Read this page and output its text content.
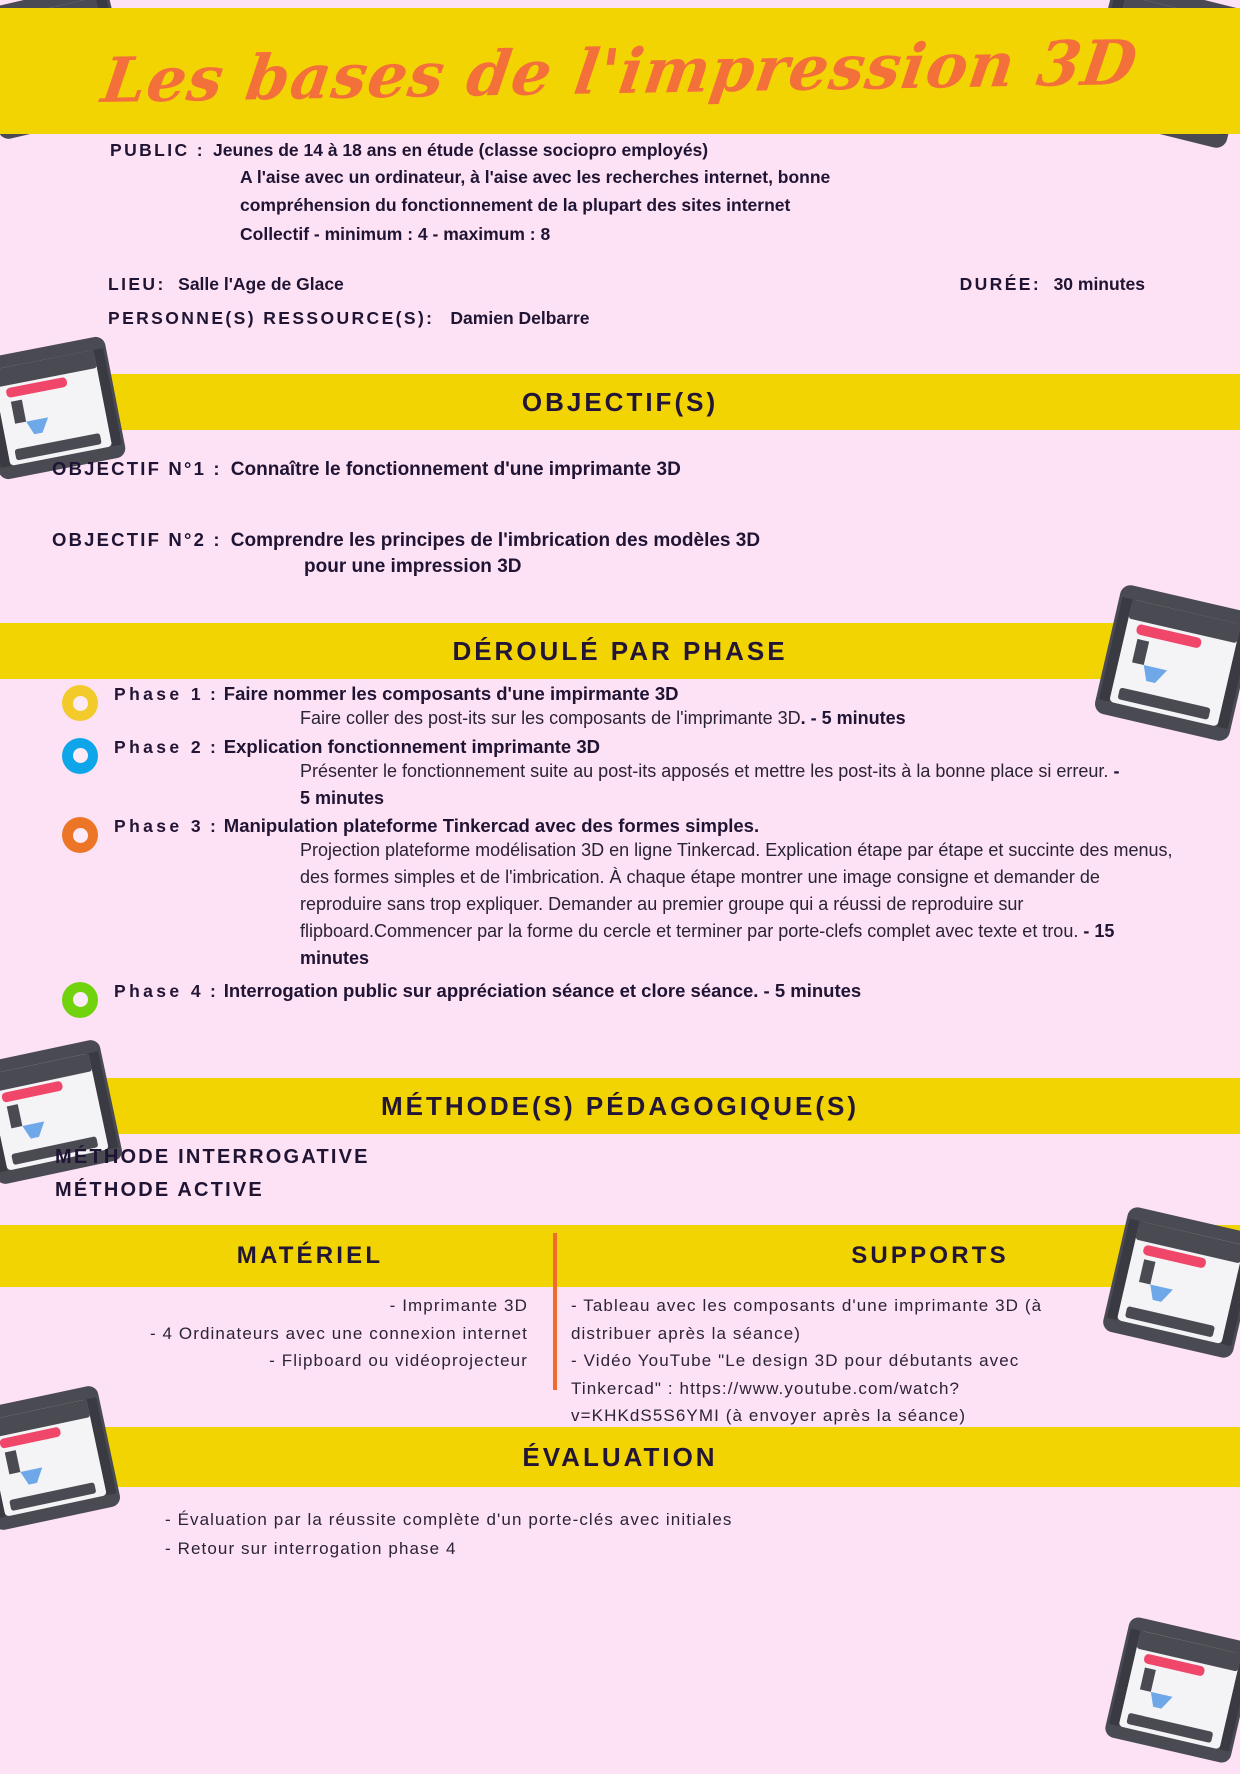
Les bases de l'impression 3D
PUBLIC : Jeunes de 14 à 18 ans en étude (classe sociopro employés)
A l'aise avec un ordinateur, à l'aise avec les recherches internet, bonne
compréhension du fonctionnement de la plupart des sites internet
Collectif - minimum : 4 - maximum : 8
LIEU: Salle l'Age de Glace	DURÉE: 30 minutes
PERSONNE(S) RESSOURCE(S): Damien Delbarre
OBJECTIF(S)
OBJECTIF N°1 : Connaître le fonctionnement d'une imprimante 3D
OBJECTIF N°2 : Comprendre les principes de l'imbrication des modèles 3D
pour une impression 3D
DÉROULÉ PAR PHASE
Phase 1 : Faire nommer les composants d'une impirmante 3D
Faire coller des post-its sur les composants de l'imprimante 3D. - 5 minutes
Phase 2 : Explication fonctionnement imprimante 3D
Présenter le fonctionnement suite au post-its apposés et mettre les post-its à la bonne place si erreur. - 5 minutes
Phase 3 : Manipulation plateforme Tinkercad avec des formes simples.
Projection plateforme modélisation 3D en ligne Tinkercad. Explication étape par étape et succinte des menus, des formes simples et de l'imbrication. À chaque étape montrer une image consigne et demander de reproduire sans trop expliquer. Demander au premier groupe qui a réussi de reproduire sur flipboard.Commencer par la forme du cercle et terminer par porte-clefs complet avec texte et trou. - 15 minutes
Phase 4 : Interrogation public sur appréciation séance et clore séance. - 5 minutes
MÉTHODE(S) PÉDAGOGIQUE(S)
MÉTHODE INTERROGATIVE
MÉTHODE ACTIVE
MATÉRIEL	SUPPORTS
- Imprimante 3D
- 4 Ordinateurs avec une connexion internet
- Flipboard ou vidéoprojecteur
- Tableau avec les composants d'une imprimante 3D (à distribuer après la séance)
- Vidéo YouTube "Le design 3D pour débutants avec Tinkercad" : https://www.youtube.com/watch?v=KHKdS5S6YMI (à envoyer après la séance)
ÉVALUATION
- Évaluation par la réussite complète d'un porte-clés avec initiales
- Retour sur interrogation phase 4
